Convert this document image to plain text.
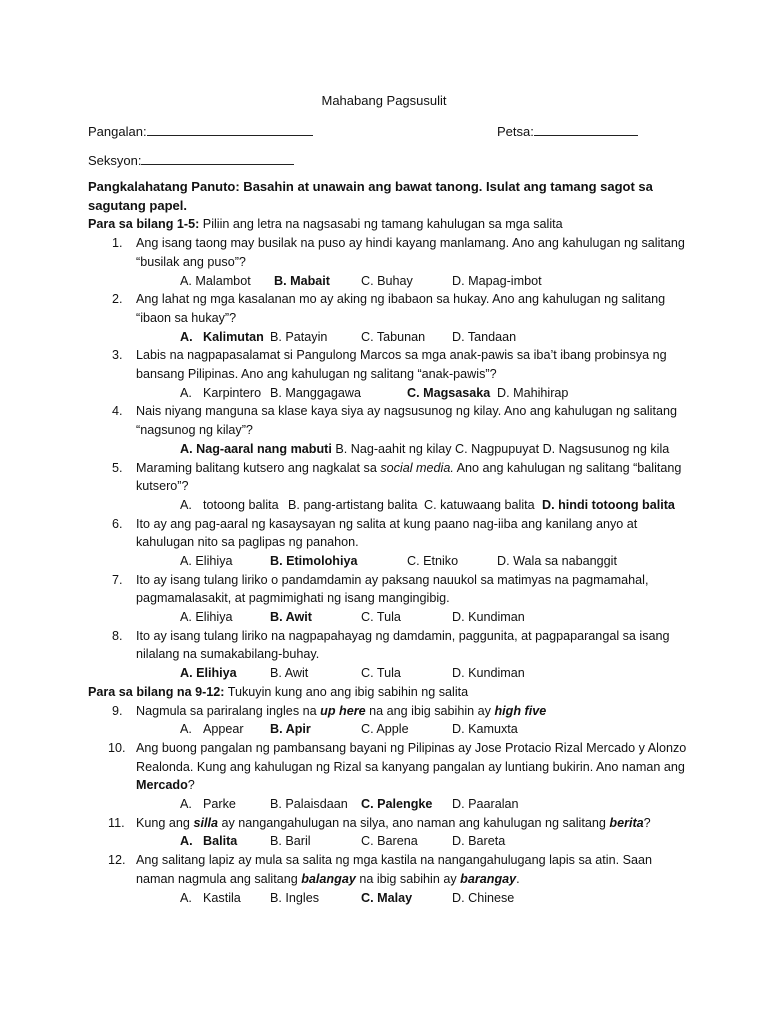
Mahabang Pagsusulit
Pangalan:	Petsa:
Seksyon:
Pangkalahatang Panuto: Basahin at unawain ang bawat tanong. Isulat ang tamang sagot sa sagutang papel.
Para sa bilang 1-5: Piliin ang letra na nagsasabi ng tamang kahulugan sa mga salita
1. Ang isang taong may busilak na puso ay hindi kayang manlamang. Ano ang kahulugan ng salitang “busilak ang puso”?
A. Malambot B. Mabait C. Buhay	D. Mapag-imbot
2. Ang lahat ng mga kasalanan mo ay aking ng ibabaon sa hukay. Ano ang kahulugan ng salitang “ibaon sa hukay”?
A. Kalimutan B. Patayin	C. Tabunan D. Tandaan
3. Labis na nagpapasalamat si Pangulong Marcos sa mga anak-pawis sa iba’t ibang probinsya ng bansang Pilipinas. Ano ang kahulugan ng salitang “anak-pawis”?
A. Karpintero B. Manggagawa	C. Magsasaka D. Mahihirap
4. Nais niyang manguna sa klase kaya siya ay nagsusunog ng kilay. Ano ang kahulugan ng salitang “nagsunog ng kilay”?
A. Nag-aaral nang mabuti B. Nag-aahit ng kilay C. Nagpupuyat D. Nagsusunog ng kila
5. Maraming balitang kutsero ang nagkalat sa social media. Ano ang kahulugan ng salitang “balitang kutsero”?
A. totoong balita B. pang-artistang balita C. katuwaang balita D. hindi totoong balita
6. Ito ay ang pag-aaral ng kasaysayan ng salita at kung paano nag-iiba ang kanilang anyo at kahulugan nito sa paglipas ng panahon.
A. Elihiya	B. Etimolohiya	C. Etniko	D. Wala sa nabanggit
7. Ito ay isang tulang liriko o pandamdamin ay paksang nauukol sa matimyas na pagmamahal, pagmamalasakit, at pagmimighati ng isang mangingibig.
A. Elihiya	B. Awit	C. Tula	D. Kundiman
8. Ito ay isang tulang liriko na nagpapahayag ng damdamin, paggunita, at pagpaparangal sa isang nilalang na sumakabilang-buhay.
A. Elihiya	B. Awit	C. Tula	D. Kundiman
Para sa bilang na 9-12: Tukuyin kung ano ang ibig sabihin ng salita
9. Nagmula sa pariralang ingles na up here na ang ibig sabihin ay high five
A. Appear B. Apir	C. Apple	D. Kamuxta
10. Ang buong pangalan ng pambansang bayani ng Pilipinas ay Jose Protacio Rizal Mercado y Alonzo Realonda. Kung ang kahulugan ng Rizal sa kanyang pangalan ay luntiang bukirin. Ano naman ang Mercado?
A. Parke	B. Palaisdaan C. Palengke D. Paaralan
11. Kung ang silla ay nangangahulugan na silya, ano naman ang kahulugan ng salitang berita?
A. Balita	B. Baril	C. Barena	D. Bareta
12. Ang salitang lapiz ay mula sa salita ng mga kastila na nangangahulugang lapis sa atin. Saan naman nagmula ang salitang balangay na ibig sabihin ay barangay.
A. Kastila B. Ingles	C. Malay	D. Chinese
